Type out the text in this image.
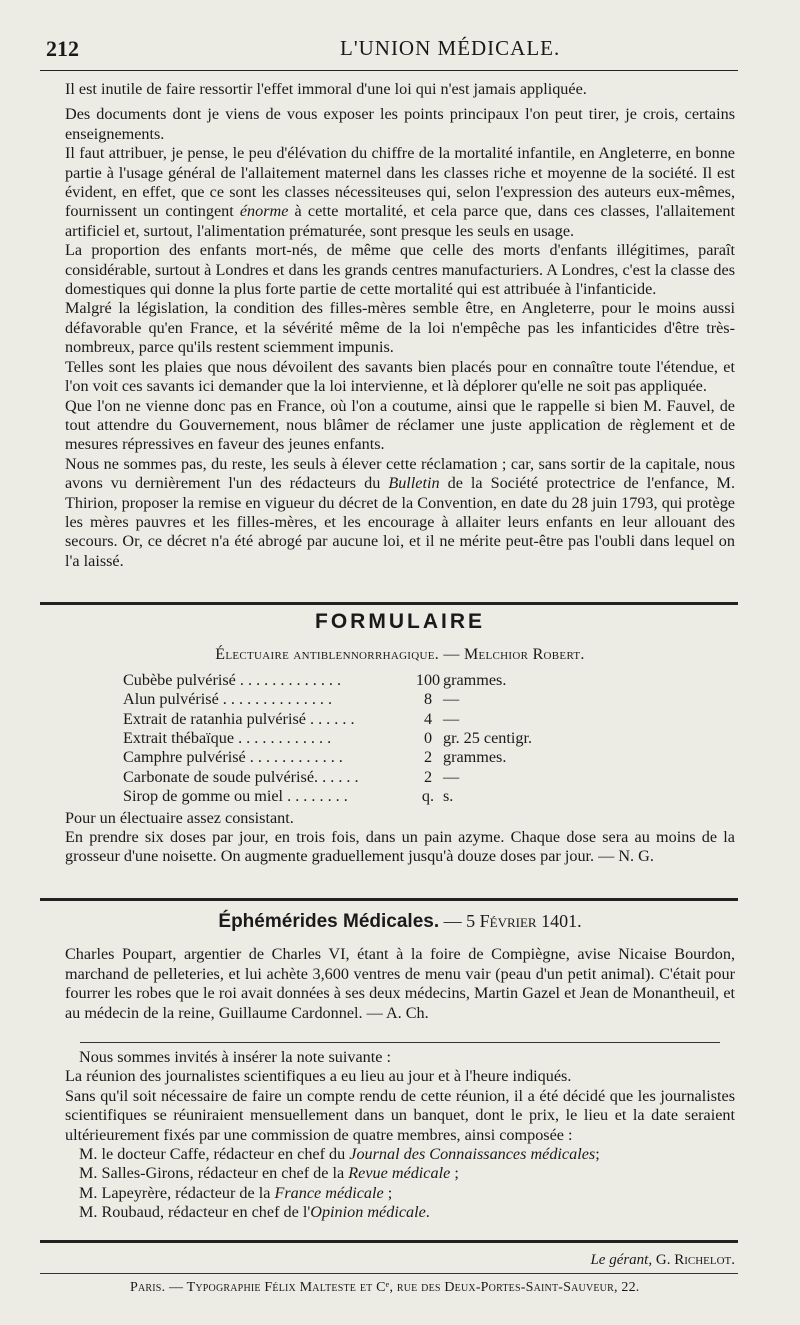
212	L'UNION MÉDICALE.

Il est inutile de faire ressortir l'effet immoral d'une loi qui n'est jamais appliquée.

Des documents dont je viens de vous exposer les points principaux l'on peut tirer, je crois, certains enseignements.

Il faut attribuer, je pense, le peu d'élévation du chiffre de la mortalité infantile, en Angleterre, en bonne partie à l'usage général de l'allaitement maternel dans les classes riche et moyenne de la société. Il est évident, en effet, que ce sont les classes nécessiteuses qui, selon l'expression des auteurs eux-mêmes, fournissent un contingent énorme à cette mortalité, et cela parce que, dans ces classes, l'allaitement artificiel et, surtout, l'alimentation prématurée, sont presque les seuls en usage.

La proportion des enfants mort-nés, de même que celle des morts d'enfants illégitimes, paraît considérable, surtout à Londres et dans les grands centres manufacturiers. A Londres, c'est la classe des domestiques qui donne la plus forte partie de cette mortalité qui est attribuée à l'infanticide.

Malgré la législation, la condition des filles-mères semble être, en Angleterre, pour le moins aussi défavorable qu'en France, et la sévérité même de la loi n'empêche pas les infanticides d'être très-nombreux, parce qu'ils restent sciemment impunis.

Telles sont les plaies que nous dévoilent des savants bien placés pour en connaître toute l'étendue, et l'on voit ces savants ici demander que la loi intervienne, et là déplorer qu'elle ne soit pas appliquée.

Que l'on ne vienne donc pas en France, où l'on a coutume, ainsi que le rappelle si bien M. Fauvel, de tout attendre du Gouvernement, nous blâmer de réclamer une juste application de règlement et de mesures répressives en faveur des jeunes enfants.

Nous ne sommes pas, du reste, les seuls à élever cette réclamation ; car, sans sortir de la capitale, nous avons vu dernièrement l'un des rédacteurs du Bulletin de la Société protectrice de l'enfance, M. Thirion, proposer la remise en vigueur du décret de la Convention, en date du 28 juin 1793, qui protège les mères pauvres et les filles-mères, et les encourage à allaiter leurs enfants en leur allouant des secours. Or, ce décret n'a été abrogé par aucune loi, et il ne mérite peut-être pas l'oubli dans lequel on l'a laissé.

FORMULAIRE

Électuaire antiblennorrhagique. — Melchior Robert.

Cubèbe pulvérisé . . . . . . . . . . . . .	100	grammes.
Alun pulvérisé . . . . . . . . . . . . . .	8	—
Extrait de ratanhia pulvérisé . . . . . .	4	—
Extrait thébaïque . . . . . . . . . . . .	0	gr. 25 centigr.
Camphre pulvérisé . . . . . . . . . . . .	2	grammes.
Carbonate de soude pulvérisé. . . . . .	2	—
Sirop de gomme ou miel . . . . . . . .	q.	s.

Pour un électuaire assez consistant.

En prendre six doses par jour, en trois fois, dans un pain azyme. Chaque dose sera au moins de la grosseur d'une noisette. On augmente graduellement jusqu'à douze doses par jour. — N. G.

Éphémérides Médicales. — 5 Février 1401.

Charles Poupart, argentier de Charles VI, étant à la foire de Compiègne, avise Nicaise Bourdon, marchand de pelleteries, et lui achète 3,600 ventres de menu vair (peau d'un petit animal). C'était pour fourrer les robes que le roi avait données à ses deux médecins, Martin Gazel et Jean de Monantheuil, et au médecin de la reine, Guillaume Cardonnel. — A. Ch.

Nous sommes invités à insérer la note suivante :

La réunion des journalistes scientifiques a eu lieu au jour et à l'heure indiqués.

Sans qu'il soit nécessaire de faire un compte rendu de cette réunion, il a été décidé que les journalistes scientifiques se réuniraient mensuellement dans un banquet, dont le prix, le lieu et la date seraient ultérieurement fixés par une commission de quatre membres, ainsi composée :

M. le docteur Caffe, rédacteur en chef du Journal des Connaissances médicales;

M. Salles-Girons, rédacteur en chef de la Revue médicale ;

M. Lapeyrère, rédacteur de la France médicale ;

M. Roubaud, rédacteur en chef de l'Opinion médicale.

Le gérant, G. Richelot.
Paris. — Typographie Félix Malteste et Cᵉ, rue des Deux-Portes-Saint-Sauveur, 22.
